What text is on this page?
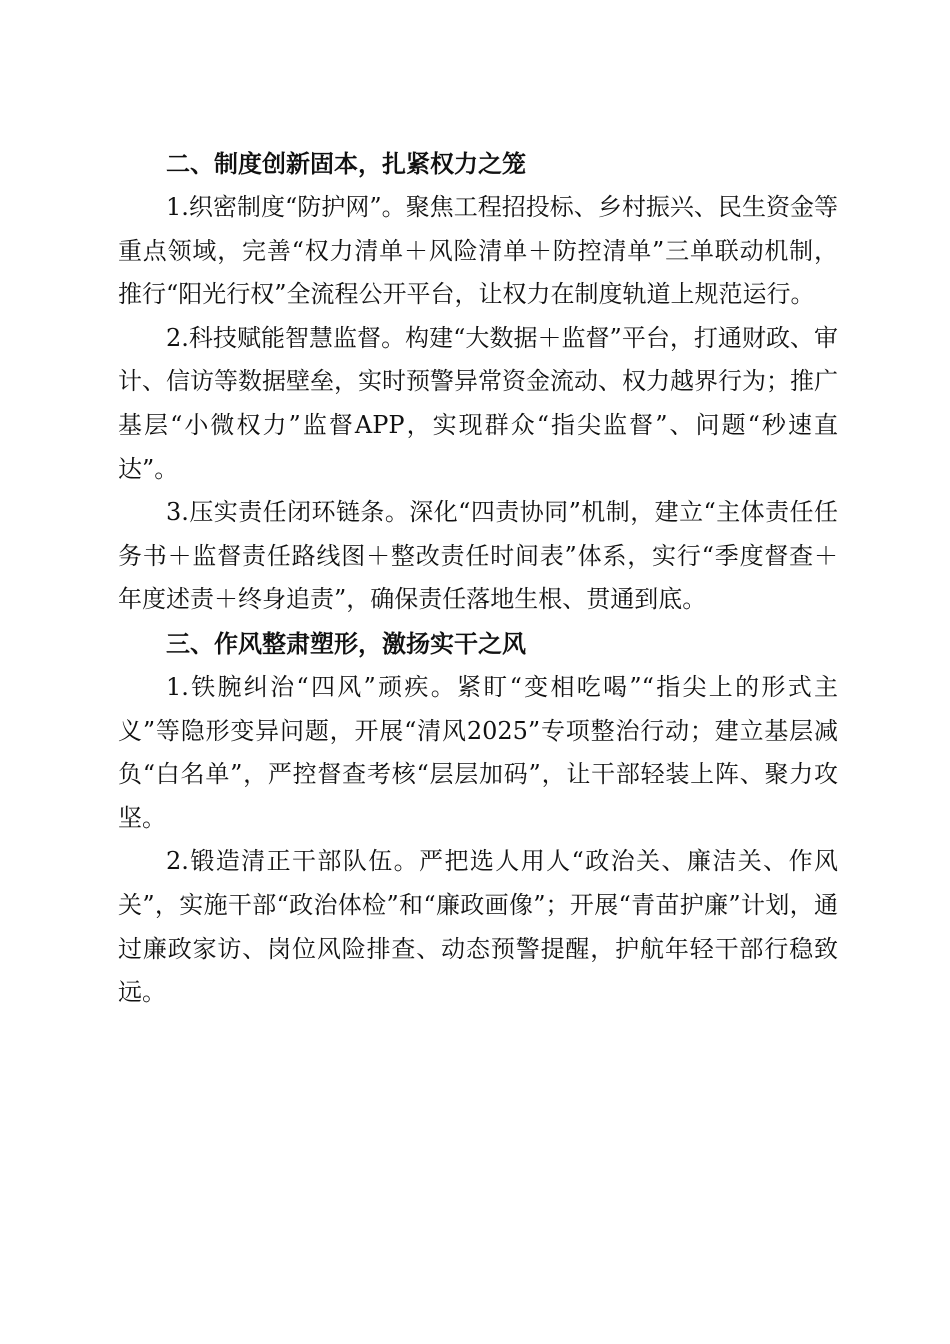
二、制度创新固本，扎紧权力之笼

1.织密制度“防护网”。聚焦工程招投标、乡村振兴、民生资金等重点领域，完善“权力清单＋风险清单＋防控清单”三单联动机制，推行“阳光行权”全流程公开平台，让权力在制度轨道上规范运行。

2.科技赋能智慧监督。构建“大数据＋监督”平台，打通财政、审计、信访等数据壁垒，实时预警异常资金流动、权力越界行为；推广基层“小微权力”监督APP，实现群众“指尖监督”、问题“秒速直达”。

3.压实责任闭环链条。深化“四责协同”机制，建立“主体责任任务书＋监督责任路线图＋整改责任时间表”体系，实行“季度督查＋年度述责＋终身追责”，确保责任落地生根、贯通到底。

三、作风整肃塑形，激扬实干之风

1.铁腕纠治“四风”顽疾。紧盯“变相吃喝”“指尖上的形式主义”等隐形变异问题，开展“清风2025”专项整治行动；建立基层减负“白名单”，严控督查考核“层层加码”，让干部轻装上阵、聚力攻坚。

2.锻造清正干部队伍。严把选人用人“政治关、廉洁关、作风关”，实施干部“政治体检”和“廉政画像”；开展“青苗护廉”计划，通过廉政家访、岗位风险排查、动态预警提醒，护航年轻干部行稳致远。
